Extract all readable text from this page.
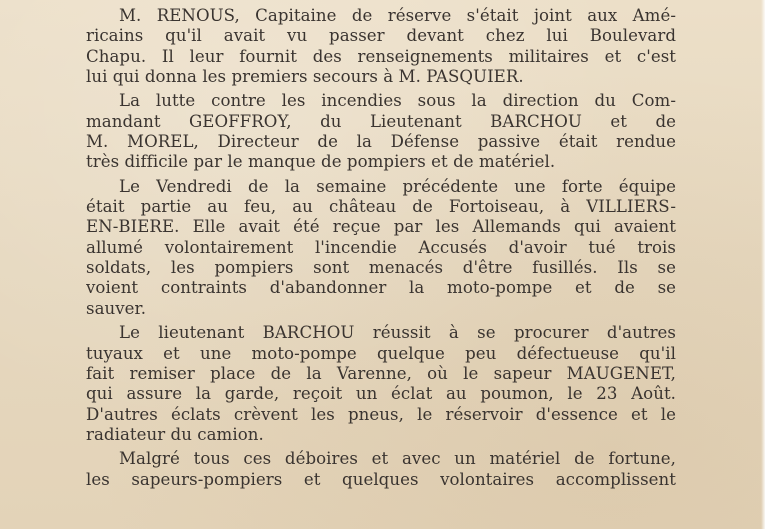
M. RENOUS, Capitaine de réserve s'était joint aux Amé-
ricains qu'il avait vu passer devant chez lui Boulevard
Chapu. Il leur fournit des renseignements militaires et c'est
lui qui donna les premiers secours à M. PASQUIER.

La lutte contre les incendies sous la direction du Com-
mandant GEOFFROY, du Lieutenant BARCHOU et de
M. MOREL, Directeur de la Défense passive était rendue
très difficile par le manque de pompiers et de matériel.

Le Vendredi de la semaine précédente une forte équipe
était partie au feu, au château de Fortoiseau, à VILLIERS-
EN-BIERE. Elle avait été reçue par les Allemands qui avaient
allumé volontairement l'incendie Accusés d'avoir tué trois
soldats, les pompiers sont menacés d'être fusillés. Ils se
voient contraints d'abandonner la moto-pompe et de se
sauver.

Le lieutenant BARCHOU réussit à se procurer d'autres
tuyaux et une moto-pompe quelque peu défectueuse qu'il
fait remiser place de la Varenne, où le sapeur MAUGENET,
qui assure la garde, reçoit un éclat au poumon, le 23 Août.
D'autres éclats crèvent les pneus, le réservoir d'essence et le
radiateur du camion.

Malgré tous ces déboires et avec un matériel de fortune,
les sapeurs-pompiers et quelques volontaires accomplissent
